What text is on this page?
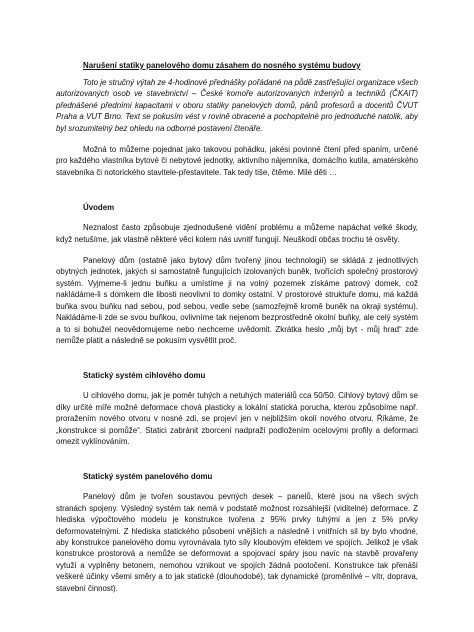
Narušení statiky panelového domu zásahem do nosného systému budovy

Toto je stručný výtah ze 4-hodinové přednášky pořádané na půdě zastřešující organizace všech autorizovaných osob ve stavebnictví – České komoře autorizovaných inženýrů a techniků (ČKAIT) přednášené předními kapacitami v oboru statiky panelových domů, pánů profesorů a docentů ČVUT Praha a VUT Brno. Text se pokusím vést v rovině obracené a pochopitelné pro jednoduché natolik, aby byl srozumitelný bez ohledu na odborné postavení čtenáře.

Možná to můžeme pojednat jako takovou pohádku, jakési povinné čtení před spaním, určené pro každého vlastníka bytové či nebytové jednotky, aktivního nájemníka, domácího kutila, amatérského stavebníka či notorického stavitele-přestavitele. Tak tedy tiše, čtěme. Milé děti …

Úvodem

Neznalost často způsobuje zjednodušené vidění problému a můžeme napáchat velké škody, když netušíme, jak vlastně některé věci kolem nás uvnitř fungují. Neuškodí občas trochu té osvěty.

Panelový dům (ostatně jako bytový dům tvořený jinou technologií) se skládá z jednotlivých obytných jednotek, jakých si samostatně fungujících izolovaných buněk, tvořících společný prostorový systém. Vyjmeme-li jednu buňku a umístíme ji na volný pozemek získáme patrový domek, což nakládáme-li s domkem dle libosti neovlivní to domky ostatní. V prostorové struktuře domu, má každá buňka svou buňku nad sebou, pod sebou, vedle sebe (samozřejmě kromě buněk na okraji systému). Nakládáme-li zde se svou buňkou, ovlivníme tak nejenom bezprostředně okolní buňky, ale celý systém a to si bohužel neovědomujeme nebo nechceme uvědomit. Zkrátka heslo „můj byt - můj hrad“ zde nemůže platit a následně se pokusím vysvětlit proč.

Statický systém cihlového domu

U cihlového domu, jak je poměr tuhých a netuhých materiálů cca 50/50. Cihlový bytový dům se díky určité míře možné deformace chová plasticky a lokální statická porucha, kterou způsobíme např. proražením nového otvoru v nosné zdi, se projeví jen v nejbližším okolí nového otvoru. Říkáme, že „konstrukce si pomůže“. Statici zabránit zborcení nadpraží podložením ocelovými profily a deformaci omezit vyklínováním.

Statický systém panelového domu

Panelový dům je tvořen soustavou pevných desek – panelů, které jsou na všech svých stranách spojeny. Výsledný systém tak nemá v podstatě možnost rozsáhlejší (viditelné) deformace. Z hlediska výpočtového modelu je konstrukce tvořena z 95% prvky tuhými a jen z 5% prvky deformovatelnými. Z hlediska statického působení vnějších a následně i vnitřních sil by bylo vhodné, aby konstrukce panelového domu vyrovnávala tyto síly kloubovým efektem ve spojích. Jelikož je však konstrukce prostorová a nemůže se deformovat a spojovací spáry jsou navíc na stavbě provařeny vytuží a vyplněny betonem, nemohou vznikout ve spojích žádná pootočení. Konstrukce tak přenáší veškeré účinky všemi směry a to jak statické (dlouhodobé), tak dynamické (proměnlivé – vítr, doprava, stavební činnost).
